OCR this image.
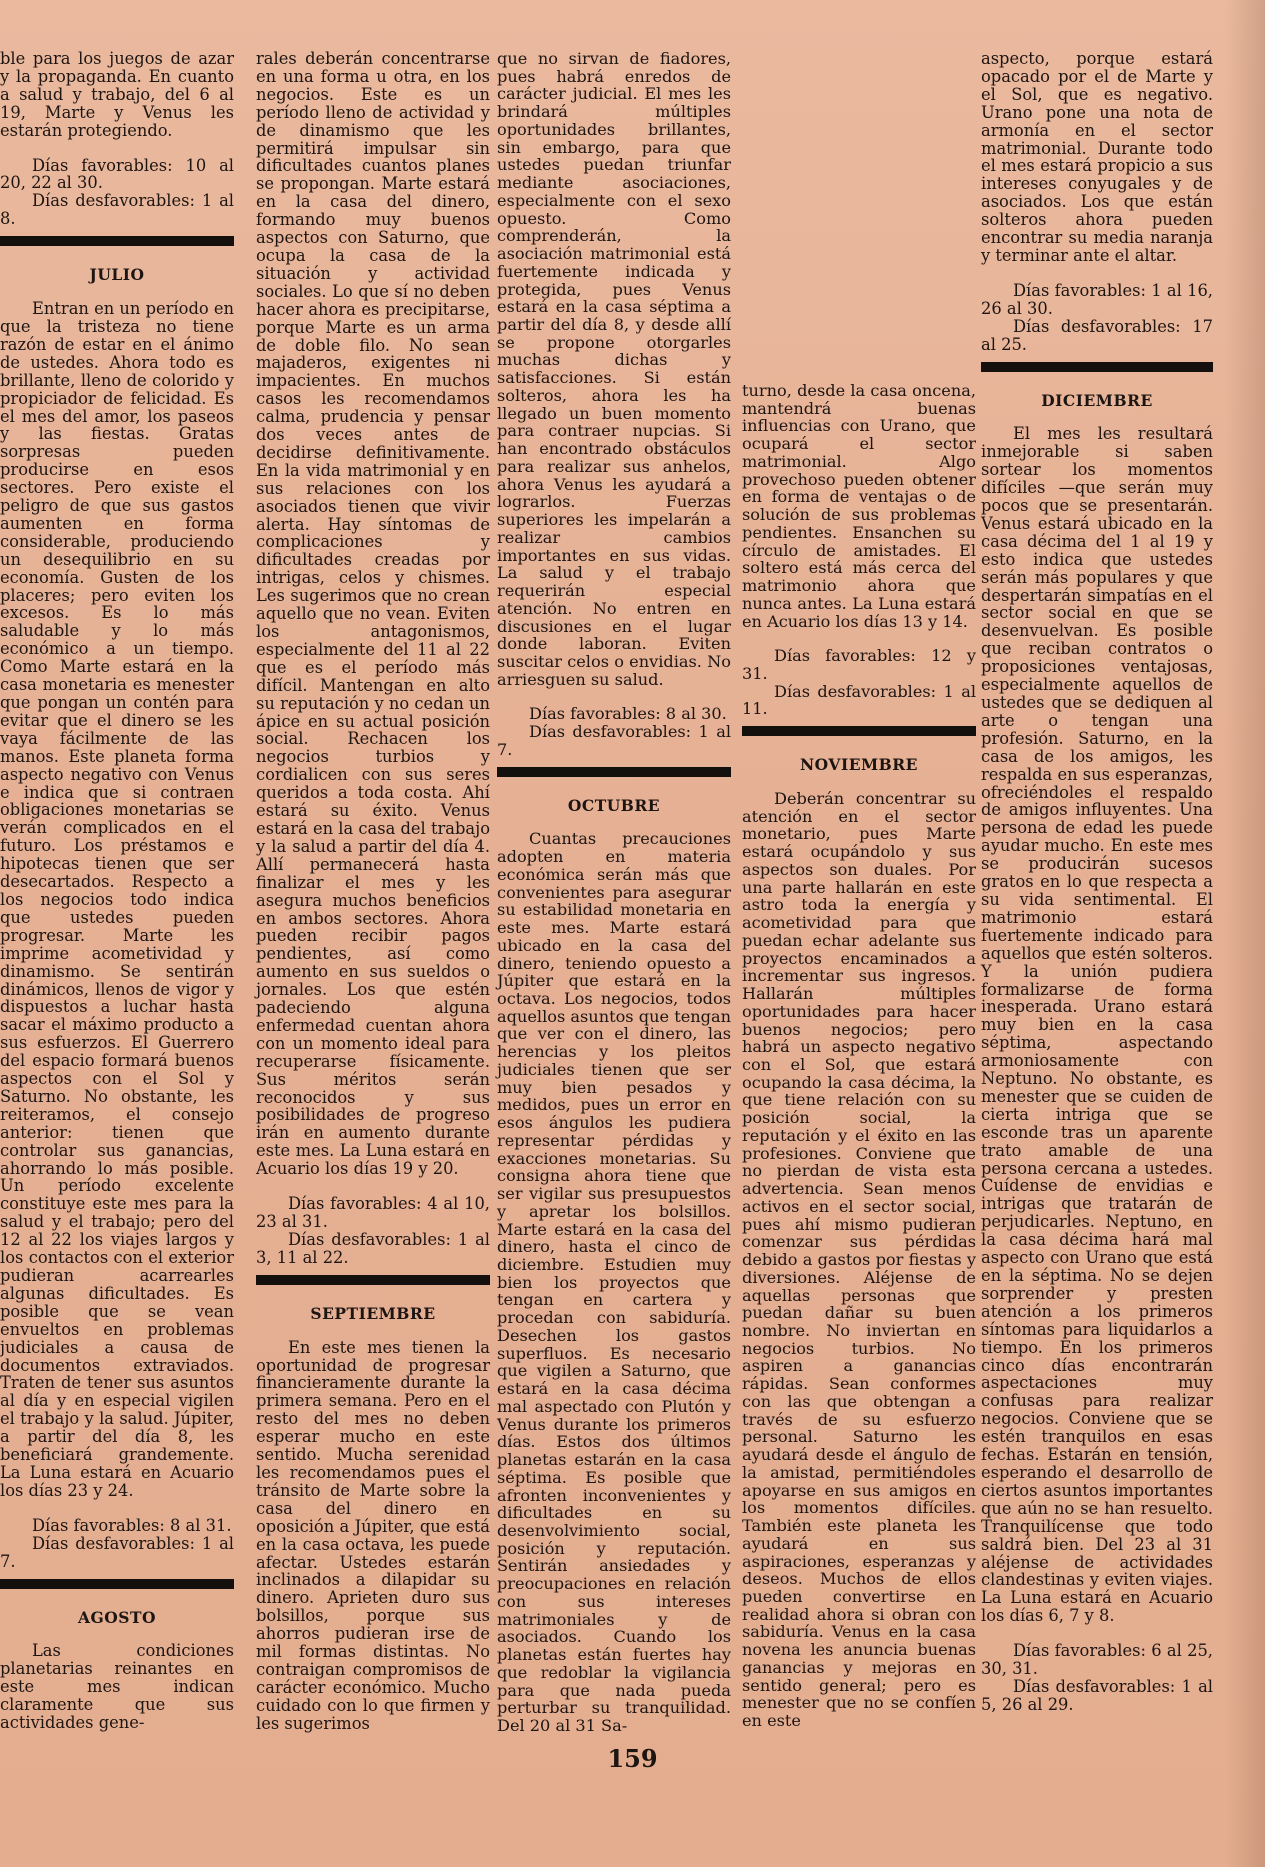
ble para los juegos de azar y la propaganda. En cuanto a salud y trabajo, del 6 al 19, Marte y Venus les estarán protegiendo.

Días favorables: 10 al 20, 22 al 30.

Días desfavorables: 1 al 8.

JULIO

Entran en un período en que la tristeza no tiene razón de estar en el ánimo de ustedes. Ahora todo es brillante, lleno de colorido y propiciador de felicidad. Es el mes del amor, los paseos y las fiestas. Gratas sorpresas pueden producirse en esos sectores. Pero existe el peligro de que sus gastos aumenten en forma considerable, produciendo un desequilibrio en su economía. Gusten de los placeres; pero eviten los excesos. Es lo más saludable y lo más económico a un tiempo. Como Marte estará en la casa monetaria es menester que pongan un contén para evitar que el dinero se les vaya fácilmente de las manos. Este planeta forma aspecto negativo con Venus e indica que si contraen obligaciones monetarias se verán complicados en el futuro. Los préstamos e hipotecas tienen que ser desecartados. Respecto a los negocios todo indica que ustedes pueden progresar. Marte les imprime acometividad y dinamismo. Se sentirán dinámicos, llenos de vigor y dispuestos a luchar hasta sacar el máximo producto a sus esfuerzos. El Guerrero del espacio formará buenos aspectos con el Sol y Saturno. No obstante, les reiteramos, el consejo anterior: tienen que controlar sus ganancias, ahorrando lo más posible. Un período excelente constituye este mes para la salud y el trabajo; pero del 12 al 22 los viajes largos y los contactos con el exterior pudieran acarrearles algunas dificultades. Es posible que se vean envueltos en problemas judiciales a causa de documentos extraviados. Traten de tener sus asuntos al día y en especial vigilen el trabajo y la salud. Júpiter, a partir del día 8, les beneficiará grandemente. La Luna estará en Acuario los días 23 y 24.

Días favorables: 8 al 31.

Días desfavorables: 1 al 7.

AGOSTO

Las condiciones planetarias reinantes en este mes indican claramente que sus actividades gene-

rales deberán concentrarse en una forma u otra, en los negocios. Este es un período lleno de actividad y de dinamismo que les permitirá impulsar sin dificultades cuantos planes se propongan. Marte estará en la casa del dinero, formando muy buenos aspectos con Saturno, que ocupa la casa de la situación y actividad sociales. Lo que sí no deben hacer ahora es precipitarse, porque Marte es un arma de doble filo. No sean majaderos, exigentes ni impacientes. En muchos casos les recomendamos calma, prudencia y pensar dos veces antes de decidirse definitivamente. En la vida matrimonial y en sus relaciones con los asociados tienen que vivir alerta. Hay síntomas de complicaciones y dificultades creadas por intrigas, celos y chismes. Les sugerimos que no crean aquello que no vean. Eviten los antagonismos, especialmente del 11 al 22 que es el período más difícil. Mantengan en alto su reputación y no cedan un ápice en su actual posición social. Rechacen los negocios turbios y cordialicen con sus seres queridos a toda costa. Ahí estará su éxito. Venus estará en la casa del trabajo y la salud a partir del día 4. Allí permanecerá hasta finalizar el mes y les asegura muchos beneficios en ambos sectores. Ahora pueden recibir pagos pendientes, así como aumento en sus sueldos o jornales. Los que estén padeciendo alguna enfermedad cuentan ahora con un momento ideal para recuperarse físicamente. Sus méritos serán reconocidos y sus posibilidades de progreso irán en aumento durante este mes. La Luna estará en Acuario los días 19 y 20.

Días favorables: 4 al 10, 23 al 31.

Días desfavorables: 1 al 3, 11 al 22.

SEPTIEMBRE

En este mes tienen la oportunidad de progresar financieramente durante la primera semana. Pero en el resto del mes no deben esperar mucho en este sentido. Mucha serenidad les recomendamos pues el tránsito de Marte sobre la casa del dinero en oposición a Júpiter, que está en la casa octava, les puede afectar. Ustedes estarán inclinados a dilapidar su dinero. Aprieten duro sus bolsillos, porque sus ahorros pudieran irse de mil formas distintas. No contraigan compromisos de carácter económico. Mucho cuidado con lo que firmen y les sugerimos

que no sirvan de fiadores, pues habrá enredos de carácter judicial. El mes les brindará múltiples oportunidades brillantes, sin embargo, para que ustedes puedan triunfar mediante asociaciones, especialmente con el sexo opuesto. Como comprenderán, la asociación matrimonial está fuertemente indicada y protegida, pues Venus estará en la casa séptima a partir del día 8, y desde allí se propone otorgarles muchas dichas y satisfacciones. Si están solteros, ahora les ha llegado un buen momento para contraer nupcias. Si han encontrado obstáculos para realizar sus anhelos, ahora Venus les ayudará a lograrlos. Fuerzas superiores les impelarán a realizar cambios importantes en sus vidas. La salud y el trabajo requerirán especial atención. No entren en discusiones en el lugar donde laboran. Eviten suscitar celos o envidias. No arriesguen su salud.

Días favorables: 8 al 30.

Días desfavorables: 1 al 7.

OCTUBRE

Cuantas precauciones adopten en materia económica serán más que convenientes para asegurar su estabilidad monetaria en este mes. Marte estará ubicado en la casa del dinero, teniendo opuesto a Júpiter que estará en la octava. Los negocios, todos aquellos asuntos que tengan que ver con el dinero, las herencias y los pleitos judiciales tienen que ser muy bien pesados y medidos, pues un error en esos ángulos les pudiera representar pérdidas y exacciones monetarias. Su consigna ahora tiene que ser vigilar sus presupuestos y apretar los bolsillos. Marte estará en la casa del dinero, hasta el cinco de diciembre. Estudien muy bien los proyectos que tengan en cartera y procedan con sabiduría. Desechen los gastos superfluos. Es necesario que vigilen a Saturno, que estará en la casa décima mal aspectado con Plutón y Venus durante los primeros días. Estos dos últimos planetas estarán en la casa séptima. Es posible que afronten inconvenientes y dificultades en su desenvolvimiento social, posición y reputación. Sentirán ansiedades y preocupaciones en relación con sus intereses matrimoniales y de asociados. Cuando los planetas están fuertes hay que redoblar la vigilancia para que nada pueda perturbar su tranquilidad. Del 20 al 31 Sa-

turno, desde la casa oncena, mantendrá buenas influencias con Urano, que ocupará el sector matrimonial. Algo provechoso pueden obtener en forma de ventajas o de solución de sus problemas pendientes. Ensanchen su círculo de amistades. El soltero está más cerca del matrimonio ahora que nunca antes. La Luna estará en Acuario los días 13 y 14.

Días favorables: 12 y 31.

Días desfavorables: 1 al 11.

NOVIEMBRE

Deberán concentrar su atención en el sector monetario, pues Marte estará ocupándolo y sus aspectos son duales. Por una parte hallarán en este astro toda la energía y acometividad para que puedan echar adelante sus proyectos encaminados a incrementar sus ingresos. Hallarán múltiples oportunidades para hacer buenos negocios; pero habrá un aspecto negativo con el Sol, que estará ocupando la casa décima, la que tiene relación con su posición social, la reputación y el éxito en las profesiones. Conviene que no pierdan de vista esta advertencia. Sean menos activos en el sector social, pues ahí mismo pudieran comenzar sus pérdidas debido a gastos por fiestas y diversiones. Aléjense de aquellas personas que puedan dañar su buen nombre. No inviertan en negocios turbios. No aspiren a ganancias rápidas. Sean conformes con las que obtengan a través de su esfuerzo personal. Saturno les ayudará desde el ángulo de la amistad, permitiéndoles apoyarse en sus amigos en los momentos difíciles. También este planeta les ayudará en sus aspiraciones, esperanzas y deseos. Muchos de ellos pueden convertirse en realidad ahora si obran con sabiduría. Venus en la casa novena les anuncia buenas ganancias y mejoras en sentido general; pero es menester que no se confíen en este

aspecto, porque estará opacado por el de Marte y el Sol, que es negativo. Urano pone una nota de armonía en el sector matrimonial. Durante todo el mes estará propicio a sus intereses conyugales y de asociados. Los que están solteros ahora pueden encontrar su media naranja y terminar ante el altar.

Días favorables: 1 al 16, 26 al 30.

Días desfavorables: 17 al 25.

DICIEMBRE

El mes les resultará inmejorable si saben sortear los momentos difíciles —que serán muy pocos que se presentarán. Venus estará ubicado en la casa décima del 1 al 19 y esto indica que ustedes serán más populares y que despertarán simpatías en el sector social en que se desenvuelvan. Es posible que reciban contratos o proposiciones ventajosas, especialmente aquellos de ustedes que se dediquen al arte o tengan una profesión. Saturno, en la casa de los amigos, les respalda en sus esperanzas, ofreciéndoles el respaldo de amigos influyentes. Una persona de edad les puede ayudar mucho. En este mes se producirán sucesos gratos en lo que respecta a su vida sentimental. El matrimonio estará fuertemente indicado para aquellos que estén solteros. Y la unión pudiera formalizarse de forma inesperada. Urano estará muy bien en la casa séptima, aspectando armoniosamente con Neptuno. No obstante, es menester que se cuiden de cierta intriga que se esconde tras un aparente trato amable de una persona cercana a ustedes. Cuídense de envidias e intrigas que tratarán de perjudicarles. Neptuno, en la casa décima hará mal aspecto con Urano que está en la séptima. No se dejen sorprender y presten atención a los primeros síntomas para liquidarlos a tiempo. En los primeros cinco días encontrarán aspectaciones muy confusas para realizar negocios. Conviene que se estén tranquilos en esas fechas. Estarán en tensión, esperando el desarrollo de ciertos asuntos importantes que aún no se han resuelto. Tranquilícense que todo saldrá bien. Del 23 al 31 aléjense de actividades clandestinas y eviten viajes. La Luna estará en Acuario los días 6, 7 y 8.

Días favorables: 6 al 25, 30, 31.

Días desfavorables: 1 al 5, 26 al 29.

159
